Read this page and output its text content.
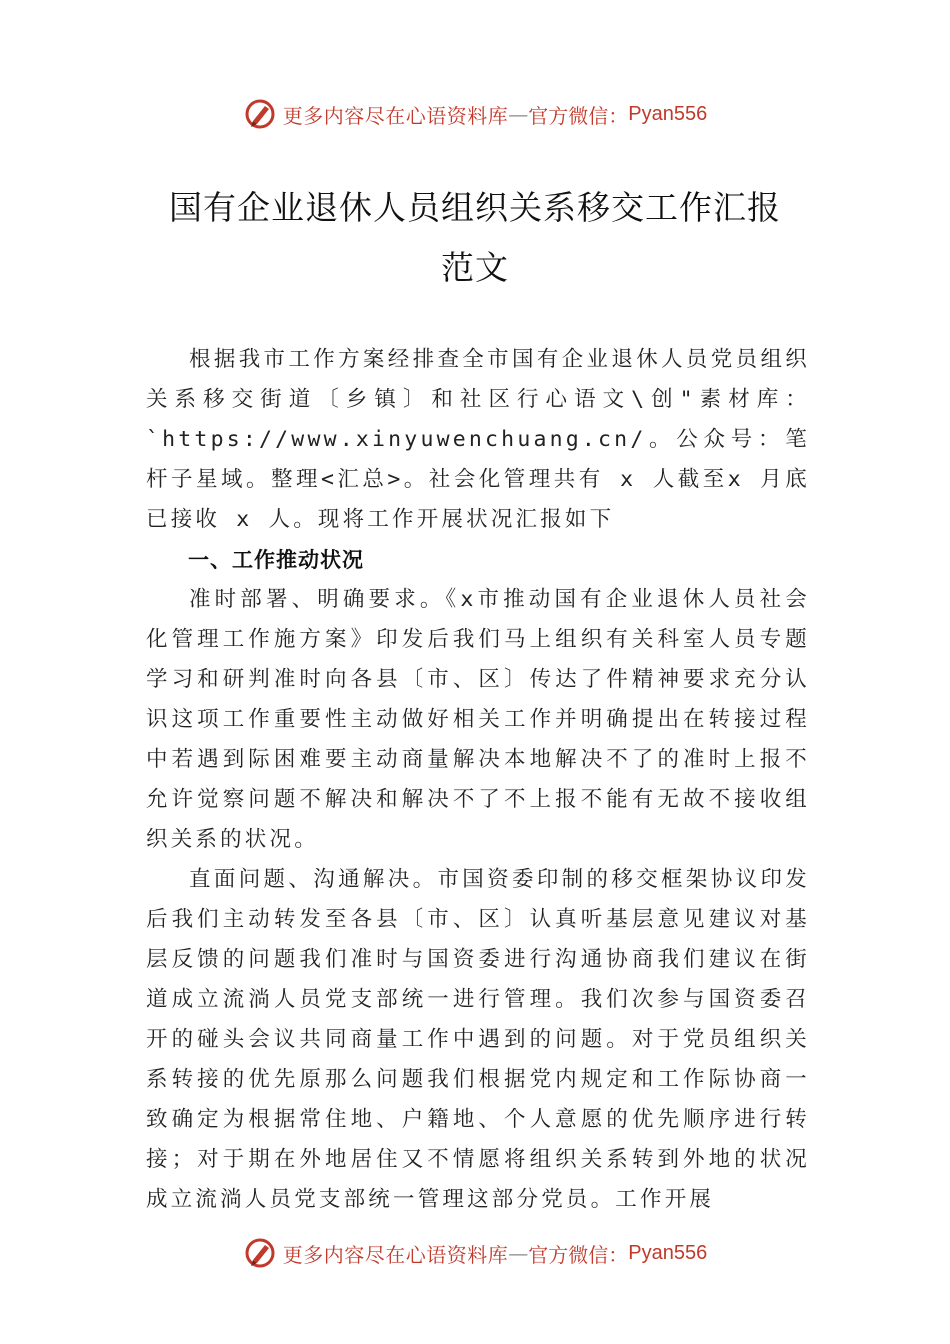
更多内容尽在心语资料库 — 官方微信： Pyan556
国有企业退休人员组织关系移交工作汇报
范文

根据我市工作方案经排查全市国有企业退休人员党员组织关系移交街道〔乡镇〕和社区行心语文\创"素材库：`https://www.xinyuwenchuang.cn/。公众号：笔杆子星域。整理<汇总>。社会化管理共有 x 人截至x 月底已接收 x 人。现将工作开展状况汇报如下

一、工作推动状况

准时部署、明确要求。《x市推动国有企业退休人员社会化管理工作施方案》印发后我们马上组织有关科室人员专题学习和研判准时向各县〔市、区〕传达了件精神要求充分认识这项工作重要性主动做好相关工作并明确提出在转接过程中若遇到际困难要主动商量解决本地解决不了的准时上报不允许觉察问题不解决和解决不了不上报不能有无故不接收组织关系的状况。

直面问题、沟通解决。市国资委印制的移交框架协议印发后我们主动转发至各县〔市、区〕认真听基层意见建议对基层反馈的问题我们准时与国资委进行沟通协商我们建议在街道成立流淌人员党支部统一进行管理。我们次参与国资委召开的碰头会议共同商量工作中遇到的问题。对于党员组织关系转接的优先原那么问题我们根据党内规定和工作际协商一致确定为根据常住地、户籍地、个人意愿的优先顺序进行转接；对于期在外地居住又不情愿将组织关系转到外地的状况成立流淌人员党支部统一管理这部分党员。工作开展

更多内容尽在心语资料库 — 官方微信： Pyan556
